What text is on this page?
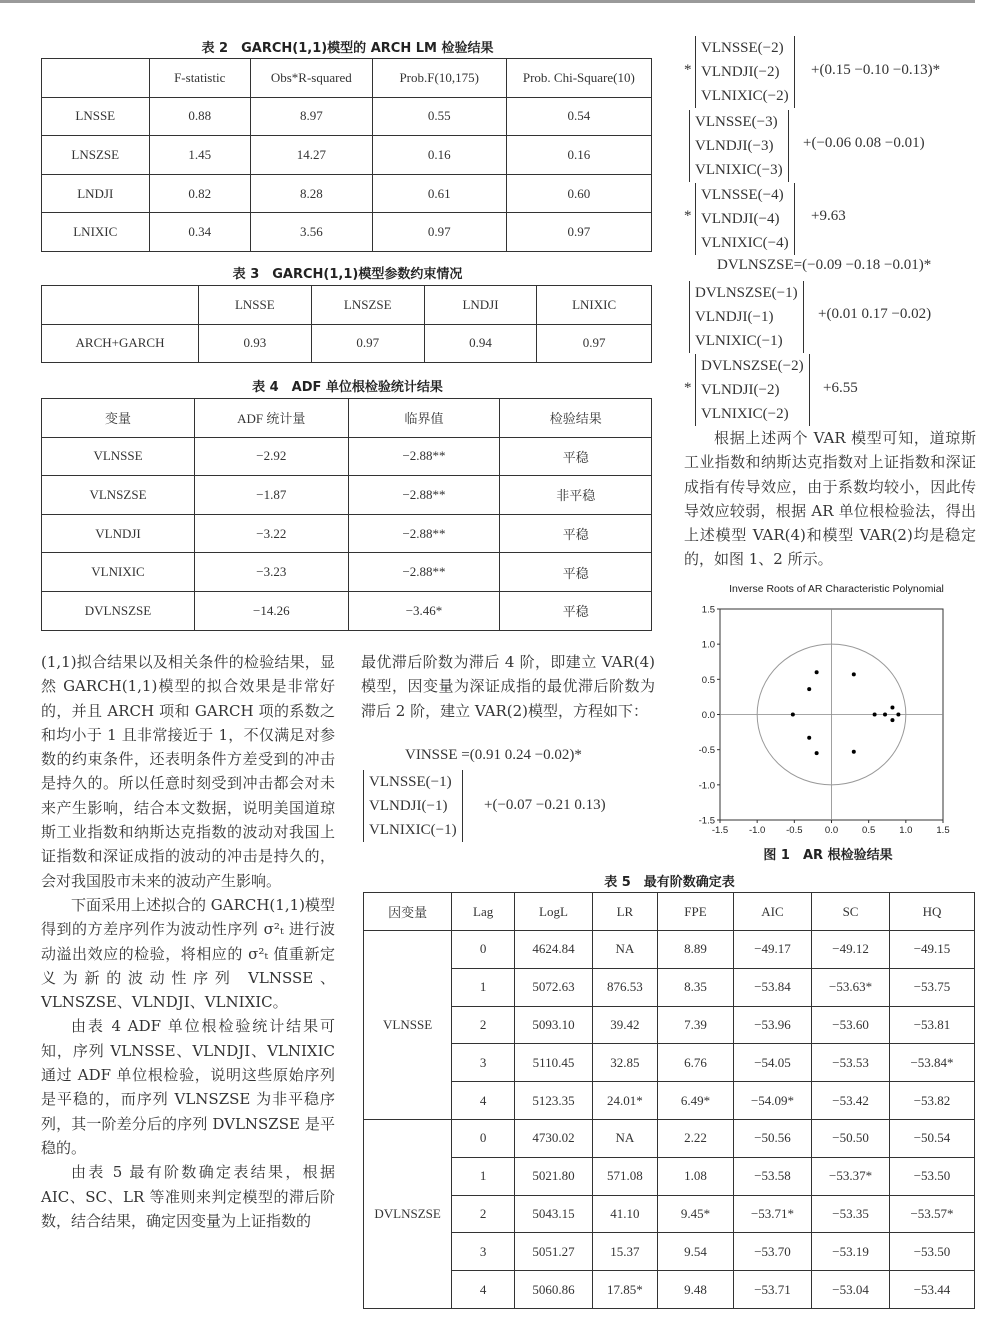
表 2　GARCH(1,1)模型的 ARCH LM 检验结果
	F-statistic	Obs*R-squared	Prob.F(10,175)	Prob. Chi-Square(10)
LNSSE	0.88	8.97	0.55	0.54
LNSZSE	1.45	14.27	0.16	0.16
LNDJI	0.82	8.28	0.61	0.60
LNIXIC	0.34	3.56	0.97	0.97
表 3　GARCH(1,1)模型参数约束情况
	LNSSE	LNSZSE	LNDJI	LNIXIC
ARCH+GARCH	0.93	0.97	0.94	0.97
表 4　ADF 单位根检验统计结果
变量	ADF 统计量	临界值	检验结果
VLNSSE	−2.92	−2.88**	平稳
VLNSZSE	−1.87	−2.88**	非平稳
VLNDJI	−3.22	−2.88**	平稳
VLNIXIC	−3.23	−2.88**	平稳
DVLNSZSE	−14.26	−3.46*	平稳

(1,1)拟合结果以及相关条件的检验结果，显然 GARCH(1,1)模型的拟合效果是非常好的，并且 ARCH 项和 GARCH 项的系数之和均小于 1 且非常接近于 1，不仅满足对参数的约束条件，还表明条件方差受到的冲击是持久的。所以任意时刻受到冲击都会对未来产生影响，结合本文数据，说明美国道琼斯工业指数和纳斯达克指数的波动对我国上证指数和深证成指的波动的冲击是持久的，会对我国股市未来的波动产生影响。

下面采用上述拟合的 GARCH(1,1)模型得到的方差序列作为波动性序列 σ²ₜ 进行波动溢出效应的检验，将相应的 σ²ₜ 值重新定义为新的波动性序列 VLNSSE、VLNSZSE、VLNDJI、VLNIXIC。

由表 4 ADF 单位根检验统计结果可知，序列 VLNSSE、VLNDJI、VLNIXIC 通过 ADF 单位根检验，说明这些原始序列是平稳的，而序列 VLNSZSE 为非平稳序列，其一阶差分后的序列 DVLNSZSE 是平稳的。

由表 5 最有阶数确定表结果，根据 AIC、SC、LR 等准则来判定模型的滞后阶数，结合结果，确定因变量为上证指数的

最优滞后阶数为滞后 4 阶，即建立 VAR(4)模型，因变量为深证成指的最优滞后阶数为滞后 2 阶，建立 VAR(2)模型，方程如下：

VINSSE =(0.91 0.24 −0.02)*
VLNSSE(−1)
VLNDJI(−1)
VLNIXIC(−1)
+(−0.07 −0.21 0.13)
*
VLNSSE(−2)
VLNDJI(−2)
VLNIXIC(−2)
+(0.15 −0.10 −0.13)*
VLNSSE(−3)
VLNDJI(−3)
VLNIXIC(−3)
+(−0.06 0.08 −0.01)
*
VLNSSE(−4)
VLNDJI(−4)
VLNIXIC(−4)
+9.63
DVLNSZSE=(−0.09 −0.18 −0.01)*
DVLNSZSE(−1)
VLNDJI(−1)
VLNIXIC(−1)
+(0.01 0.17 −0.02)
*
DVLNSZSE(−2)
VLNDJI(−2)
VLNIXIC(−2)
+6.55

根据上述两个 VAR 模型可知，道琼斯工业指数和纳斯达克指数对上证指数和深证成指有传导效应，由于系数均较小，因此传导效应较弱，根据 AR 单位根检验法，得出上述模型 VAR(4)和模型 VAR(2)均是稳定的，如图 1、2 所示。

Inverse Roots of AR Characteristic Polynomial
-1.5 -1.0 -0.5 0.0	0.5	1.0	1.5
1.5
1.0
0.5
0.0
-0.5
-1.0
-1.5
图 1　AR 根检验结果
表 5　最有阶数确定表
因变量	Lag	LogL	LR	FPE	AIC	SC	HQ
VLNSSE	0	4624.84	NA	8.89	−49.17	−49.12	−49.15
	1	5072.63	876.53	8.35	−53.84	−53.63*	−53.75
	2	5093.10	39.42	7.39	−53.96	−53.60	−53.81
	3	5110.45	32.85	6.76	−54.05	−53.53	−53.84*
	4	5123.35	24.01*	6.49*	−54.09*	−53.42	−53.82
DVLNSZSE	0	4730.02	NA	2.22	−50.56	−50.50	−50.54
	1	5021.80	571.08	1.08	−53.58	−53.37*	−53.50
	2	5043.15	41.10	9.45*	−53.71*	−53.35	−53.57*
	3	5051.27	15.37	9.54	−53.70	−53.19	−53.50
	4	5060.86	17.85*	9.48	−53.71	−53.04	−53.44
